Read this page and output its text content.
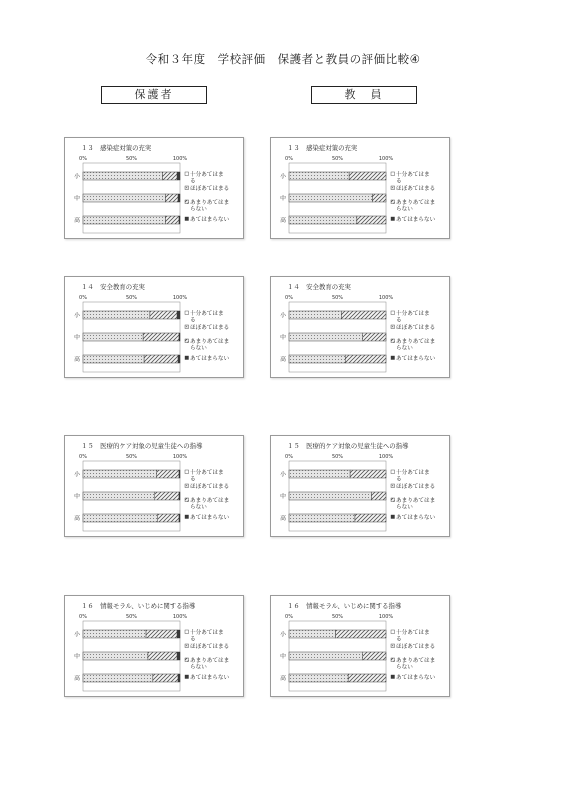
令和３年度　学校評価　保護者と教員の評価比較④
保護者	教　員
１３　感染症対策の充実
0%	50%	100%
小
中
高
十分あてはまる
ほぼあてはまる
あまりあてはまらない
あてはまらない
１３　感染症対策の充実
0%	50%	100%
小
中
高
十分あてはまる
ほぼあてはまる
あまりあてはまらない
あてはまらない
１４　安全教育の充実
0%	50%	100%
小
中
高
十分あてはまる
ほぼあてはまる
あまりあてはまらない
あてはまらない
１４　安全教育の充実
0%	50%	100%
小
中
高
十分あてはまる
ほぼあてはまる
あまりあてはまらない
あてはまらない
１５　医療的ケア対象の児童生徒への指導
0%	50%	100%
小
中
高
十分あてはまる
ほぼあてはまる
あまりあてはまらない
あてはまらない
１５　医療的ケア対象の児童生徒への指導
0%	50%	100%
小
中
高
十分あてはまる
ほぼあてはまる
あまりあてはまらない
あてはまらない
１６　情報モラル、いじめに関する指導
0%	50%	100%
小
中
高
十分あてはまる
ほぼあてはまる
あまりあてはまらない
あてはまらない
１６　情報モラル、いじめに関する指導
0%	50%	100%
小
中
高
十分あてはまる
ほぼあてはまる
あまりあてはまらない
あてはまらない
